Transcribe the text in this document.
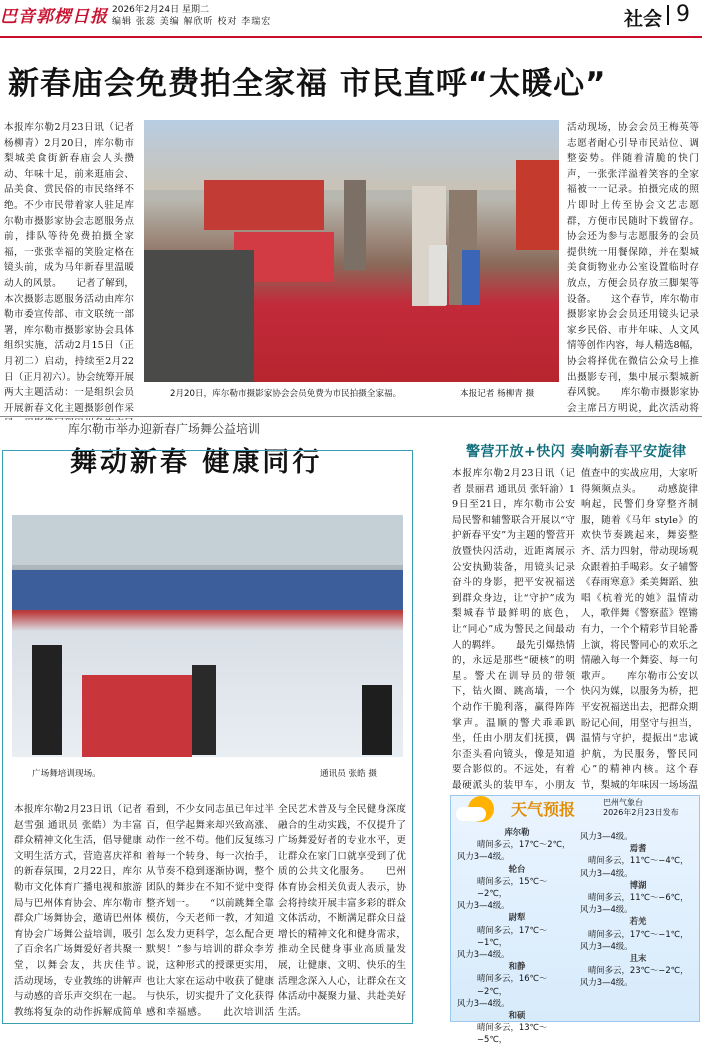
巴音郭楞日报 2026年2月24日 星期二
编辑 张蕊 美编 解欣昕 校对 李瑞宏	社会 9
新春庙会免费拍全家福 市民直呼“太暖心”
本报库尔勒2月23日讯（记者 杨柳青）2月20日，库尔勒市梨城美食街新春庙会人头攒动、年味十足，前来逛庙会、品美食、赏民俗的市民络绎不绝。不少市民带着家人驻足库尔勒市摄影家协会志愿服务点前，排队等待免费拍摄全家福，一张张幸福的笑脸定格在镜头前，成为马年新春里温暖动人的风景。　　记者了解到，本次摄影志愿服务活动由库尔勒市委宣传部、市文联统一部署，库尔勒市摄影家协会具体组织实施，活动2月15日（正月初二）启动，持续至2月22日（正月初六）。协会统筹开展两大主题活动：一是组织会员开展新春文化主题摄影创作采
2月20日，库尔勒市摄影家协会会员免费为市民拍摄全家福。	本报记者 杨柳青 摄
活动现场，协会会员王梅英等志愿者耐心引导市民站位、调整姿势。伴随着清脆的快门声，一张张洋溢着笑容的全家福被一一记录。拍摄完成的照片即时上传至协会文艺志愿群，方便市民随时下载留存。协会还为参与志愿服务的会员提供统一用餐保障，并在梨城美食街物业办公室设置临时存放点，方便会员存放三脚架等设备。　　这个春节，库尔勒市摄影家协会会员还用镜头记录家乡民俗、市井年味、人文风情等创作内容，每人精选8幅，协会将择优在微信公众号上推出摄影专刊，集中展示梨城新春风貌。　　库尔勒市摄影家协会主席吕方明说，此次活动将
库尔勒市举办迎新春广场舞公益培训
舞动新春 健康同行
广场舞培训现场。	通讯员 张皓 摄
本报库尔勒2月23日讯（记者 赵雪强 通讯员 张皓）为丰富群众精神文化生活，倡导健康文明生活方式，营造喜庆祥和的新春氛围，2月22日，库尔勒市文化体育广播电视和旅游局与巴州体育协会、库尔勒市群众广场舞协会，邀请巴州体育协会广场舞公益培训，吸引了百余名广场舞爱好者共聚一堂，以舞会友，共庆佳节。　　活动现场，专业教练的讲解声与动感的音乐声交织在一起。教练将复杂的动作拆解成简单
看到，不少女同志虽已年过半百，但学起舞来却兴致高涨、动作一丝不苟。他们反复练习着每一个转身、每一次抬手，从节奏不稳到逐渐协调，整个团队的舞步在不知不觉中变得整齐划一。　　“以前跳舞全靠模仿，今天老师一教，才知道怎么发力更科学，怎么配合更默契！”参与培训的群众李芳说，这种形式的授课更实用，也让大家在运动中收获了健康与快乐，切实提升了文化获得感和幸福感。　　此次培训活
全民艺术普及与全民健身深度融合的生动实践，不仅提升了广场舞爱好者的专业水平，更让群众在家门口就享受到了优质的公共文化服务。　　巴州体育协会相关负责人表示，协会将持续开展丰富多彩的群众文体活动，不断满足群众日益增长的精神文化和健身需求，推动全民健身事业高质量发展，让健康、文明、快乐的生活理念深入人心，让群众在文体活动中凝聚力量、共赴美好生活。
警营开放+快闪 奏响新春平安旋律
本报库尔勒2月23日讯（记者 景丽君 通讯员 张轩渝）19日至21日，库尔勒市公安局民警和辅警联合开展以“守护新春平安”为主题的警营开放暨快闪活动，近距离展示公安执勤装备，用镜头记录奋斗的身影，把平安祝福送到群众身边，让“守护”成为梨城春节最鲜明的底色，让“同心”成为警民之间最动人的羁绊。　　最先引爆热情的，永远是那些“硬核”的明星。警犬在训导员的带领下，钻火圈、跳高墙，一个个动作干脆利落，赢得阵阵掌声。温顺的警犬乖乖趴坐，任由小朋友们抚摸，偶尔歪头看向镜头，像是知道要合影似的。不远处，有着最硬派头的装甲车，小朋友
值查中的实战应用，大家听得频频点头。　　动感旋律响起，民警们身穿整齐制服，随着《马年 style》的欢快节奏跳起来，舞姿整齐、活力四射，带动现场观众跟着拍手喝彩。女子辅警《春雨寒意》柔美舞蹈、独唱《杭着光的她》温情动人，歌伴舞《警察蓝》铿锵有力，一个个精彩节目轮番上演，将民警同心的欢乐之情融入每一个舞姿、每一句歌声。　　库尔勒市公安以快闪为媒，以服务为桥，把平安祝福送出去，把群众期盼记心间，用坚守与担当，温情与守护，提振出“忠诚护航，为民服务，警民同心”的精神内核。这个春节，梨城的年味因一场场温
天气预报	巴州气象台
2026年2月23日发布
库尔勒
晴间多云，17℃～2℃，
风力3—4级。
轮台
晴间多云，15℃～−2℃，
风力3—4级。
尉犁
晴间多云，17℃～−1℃，
风力3—4级。
和静
晴间多云，16℃～−2℃，
风力3—4级。
和硕
晴间多云，13℃～−5℃，
风力3—4级。
焉耆
晴间多云，11℃～−4℃，
风力3—4级。
博湖
晴间多云，11℃～−6℃，
风力3—4级。
若羌
晴间多云，17℃～−1℃，
风力3—4级。
且末
晴间多云，23℃～−2℃，
风力3—4级。
